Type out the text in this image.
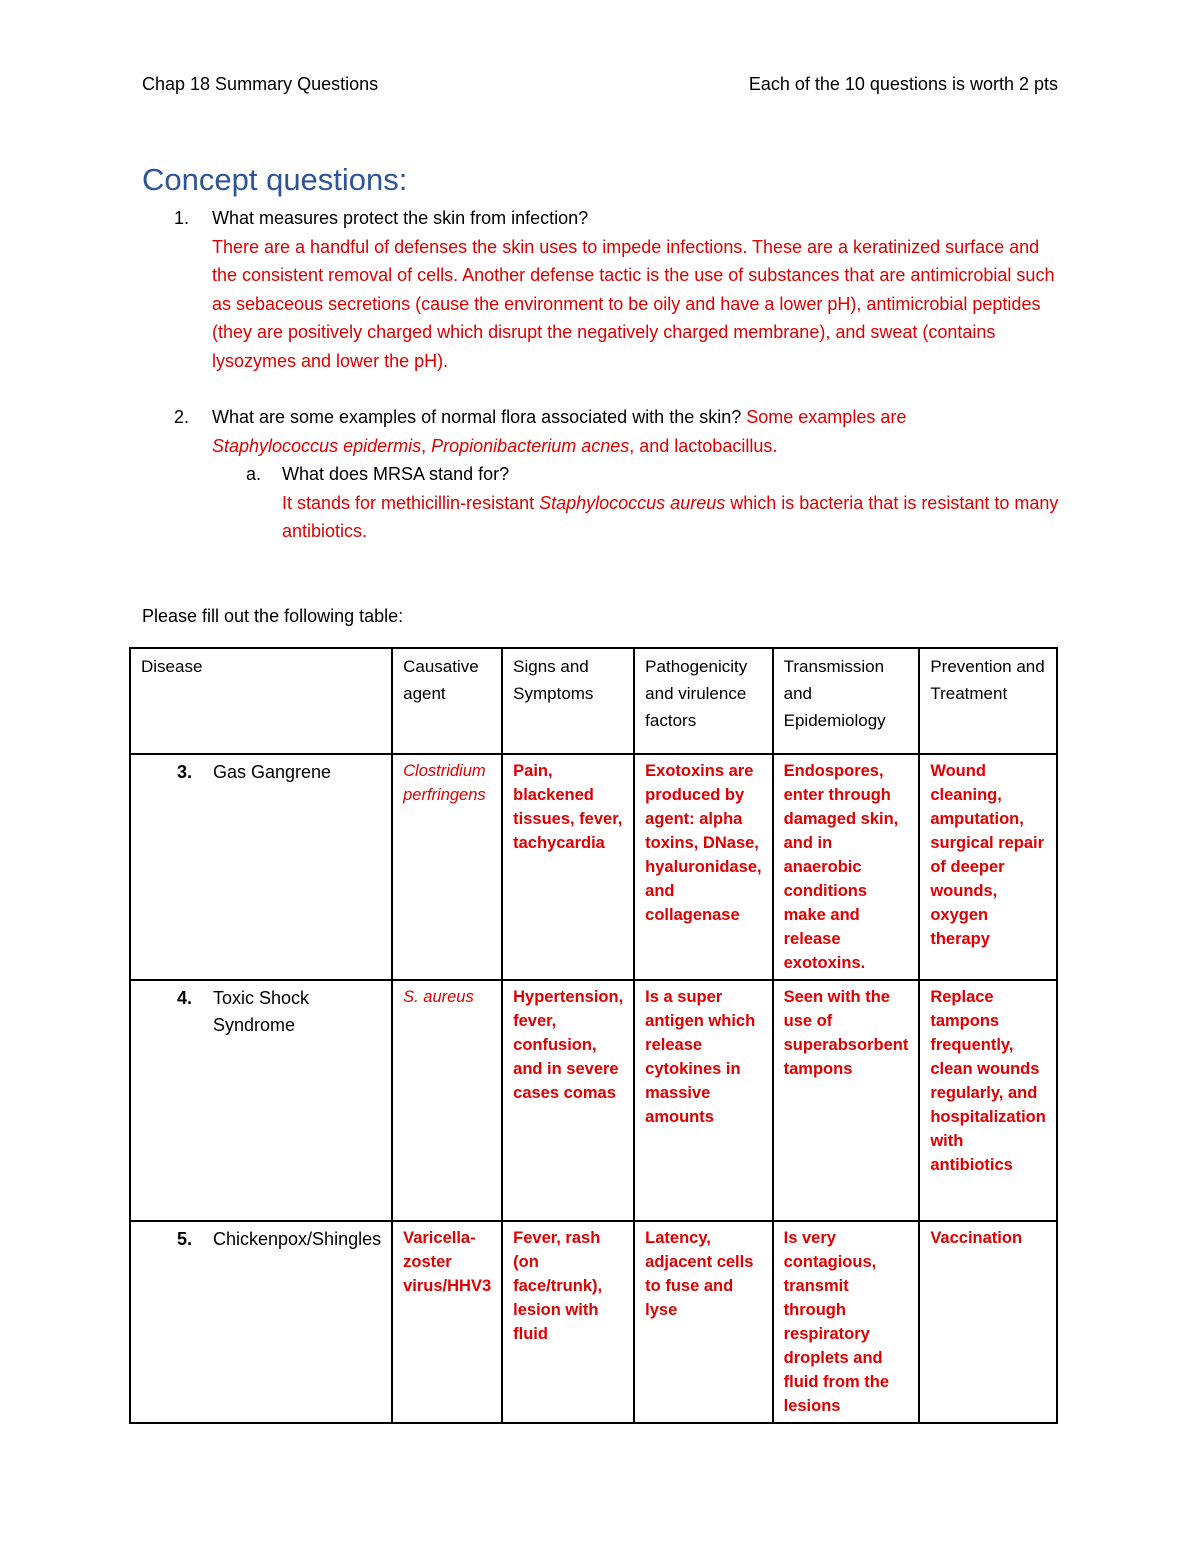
Chap 18 Summary Questions	Each of the 10 questions is worth 2 pts
Concept questions:
1. What measures protect the skin from infection?
There are a handful of defenses the skin uses to impede infections. These are a keratinized surface and the consistent removal of cells. Another defense tactic is the use of substances that are antimicrobial such as sebaceous secretions (cause the environment to be oily and have a lower pH), antimicrobial peptides (they are positively charged which disrupt the negatively charged membrane), and sweat (contains lysozymes and lower the pH).
2. What are some examples of normal flora associated with the skin? Some examples are
Staphylococcus epidermis, Propionibacterium acnes, and lactobacillus.
a. What does MRSA stand for?
It stands for methicillin-resistant Staphylococcus aureus which is bacteria that is resistant to many antibiotics.
Please fill out the following table:
Disease	Causative agent	Signs and Symptoms	Pathogenicity and virulence factors	Transmission and Epidemiology	Prevention and Treatment

3. Gas Gangrene	Clostridium perfringens	Pain, blackened tissues, fever, tachycardia	Exotoxins are produced by agent: alpha toxins, DNase, hyaluronidase, and collagenase	Endospores, enter through damaged skin, and in anaerobic conditions make and release exotoxins.	Wound cleaning, amputation, surgical repair of deeper wounds, oxygen therapy

4. Toxic Shock Syndrome	S. aureus	Hypertension, fever, confusion, and in severe cases comas	Is a super antigen which release cytokines in massive amounts	Seen with the use of superabsorbent tampons	Replace tampons frequently, clean wounds regularly, and hospitalization with antibiotics

5. Chickenpox/Shingles	Varicella-zoster virus/HHV3	Fever, rash (on face/trunk), lesion with fluid	Latency, adjacent cells to fuse and lyse	Is very contagious, transmit through respiratory droplets and fluid from the lesions	Vaccination
